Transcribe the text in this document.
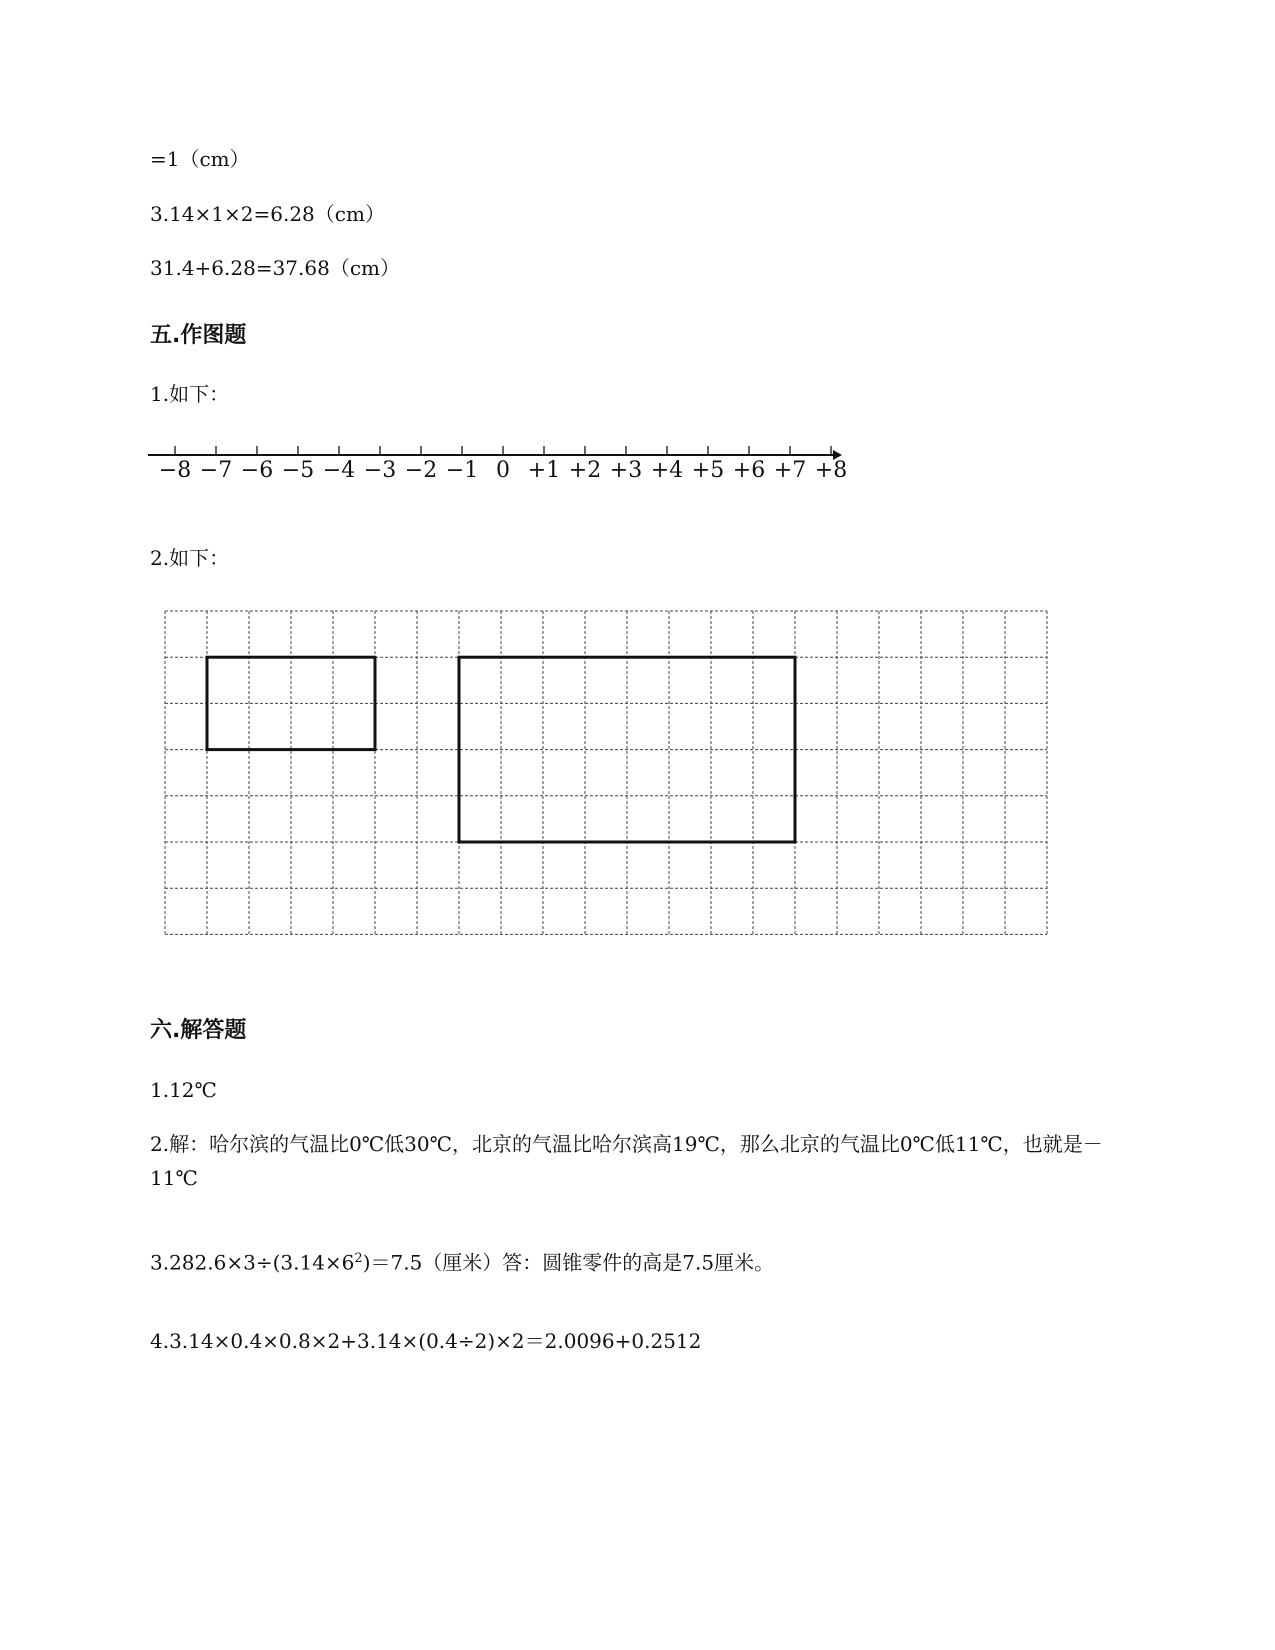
=1（cm）
3.14×1×2=6.28（cm）
31.4+6.28=37.68（cm）
五.作图题
1.如下：
−8 −7 −6 −5 −4 −3 −2 −1 0 +1 +2 +3 +4 +5 +6 +7 +8
2.如下：
六.解答题
1.12℃
2.解：哈尔滨的气温比0℃低30℃，北京的气温比哈尔滨高19℃，那么北京的气温比0℃低11℃，也就是－11℃
$3.282.6\times 3\div(3.14\times 6^2)=7.5$（厘米）答：圆锥零件的高是7.5厘米。
4.3.14×0.4×0.8×2+3.14×(0.4÷2)×2＝2.0096+0.2512
